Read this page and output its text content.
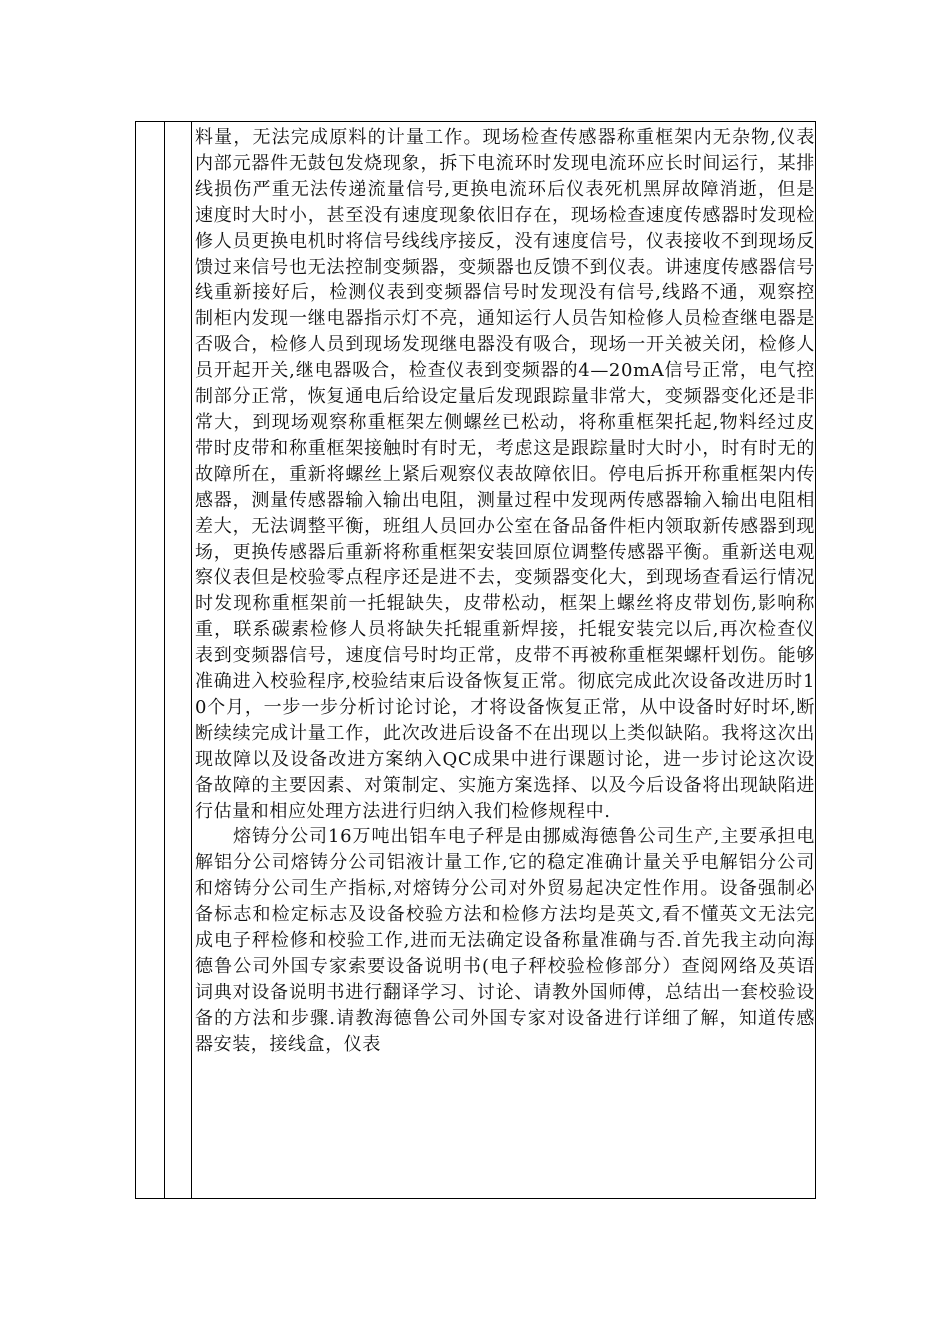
料量，无法完成原料的计量工作。现场检查传感器称重框架内无杂物,仪表内部元器件无鼓包发烧现象，拆下电流环时发现电流环应长时间运行，某排线损伤严重无法传递流量信号,更换电流环后仪表死机黑屏故障消逝，但是速度时大时小，甚至没有速度现象依旧存在，现场检查速度传感器时发现检修人员更换电机时将信号线线序接反，没有速度信号，仪表接收不到现场反馈过来信号也无法控制变频器，变频器也反馈不到仪表。讲速度传感器信号线重新接好后，检测仪表到变频器信号时发现没有信号,线路不通，观察控制柜内发现一继电器指示灯不亮，通知运行人员告知检修人员检查继电器是否吸合，检修人员到现场发现继电器没有吸合，现场一开关被关闭，检修人员开起开关,继电器吸合，检查仪表到变频器的4—20mA信号正常，电气控制部分正常，恢复通电后给设定量后发现跟踪量非常大，变频器变化还是非常大，到现场观察称重框架左侧螺丝已松动，将称重框架托起,物料经过皮带时皮带和称重框架接触时有时无，考虑这是跟踪量时大时小，时有时无的故障所在，重新将螺丝上紧后观察仪表故障依旧。停电后拆开称重框架内传感器，测量传感器输入输出电阻，测量过程中发现两传感器输入输出电阻相差大，无法调整平衡，班组人员回办公室在备品备件柜内领取新传感器到现场，更换传感器后重新将称重框架安装回原位调整传感器平衡。重新送电观察仪表但是校验零点程序还是进不去，变频器变化大，到现场查看运行情况时发现称重框架前一托辊缺失，皮带松动，框架上螺丝将皮带划伤,影响称重，联系碳素检修人员将缺失托辊重新焊接，托辊安装完以后,再次检查仪表到变频器信号，速度信号时均正常，皮带不再被称重框架螺杆划伤。能够准确进入校验程序,校验结束后设备恢复正常。彻底完成此次设备改进历时10个月，一步一步分析讨论讨论，才将设备恢复正常，从中设备时好时坏,断断续续完成计量工作，此次改进后设备不在出现以上类似缺陷。我将这次出现故障以及设备改进方案纳入QC成果中进行课题讨论，进一步讨论这次设备故障的主要因素、对策制定、实施方案选择、以及今后设备将出现缺陷进行估量和相应处理方法进行归纳入我们检修规程中.

熔铸分公司16万吨出铝车电子秤是由挪威海德鲁公司生产,主要承担电解铝分公司熔铸分公司铝液计量工作,它的稳定准确计量关乎电解铝分公司和熔铸分公司生产指标,对熔铸分公司对外贸易起决定性作用。设备强制必备标志和检定标志及设备校验方法和检修方法均是英文,看不懂英文无法完成电子秤检修和校验工作,进而无法确定设备称量准确与否.首先我主动向海德鲁公司外国专家索要设备说明书(电子秤校验检修部分）查阅网络及英语词典对设备说明书进行翻译学习、讨论、请教外国师傅，总结出一套校验设备的方法和步骤.请教海德鲁公司外国专家对设备进行详细了解，知道传感器安装，接线盒，仪表
